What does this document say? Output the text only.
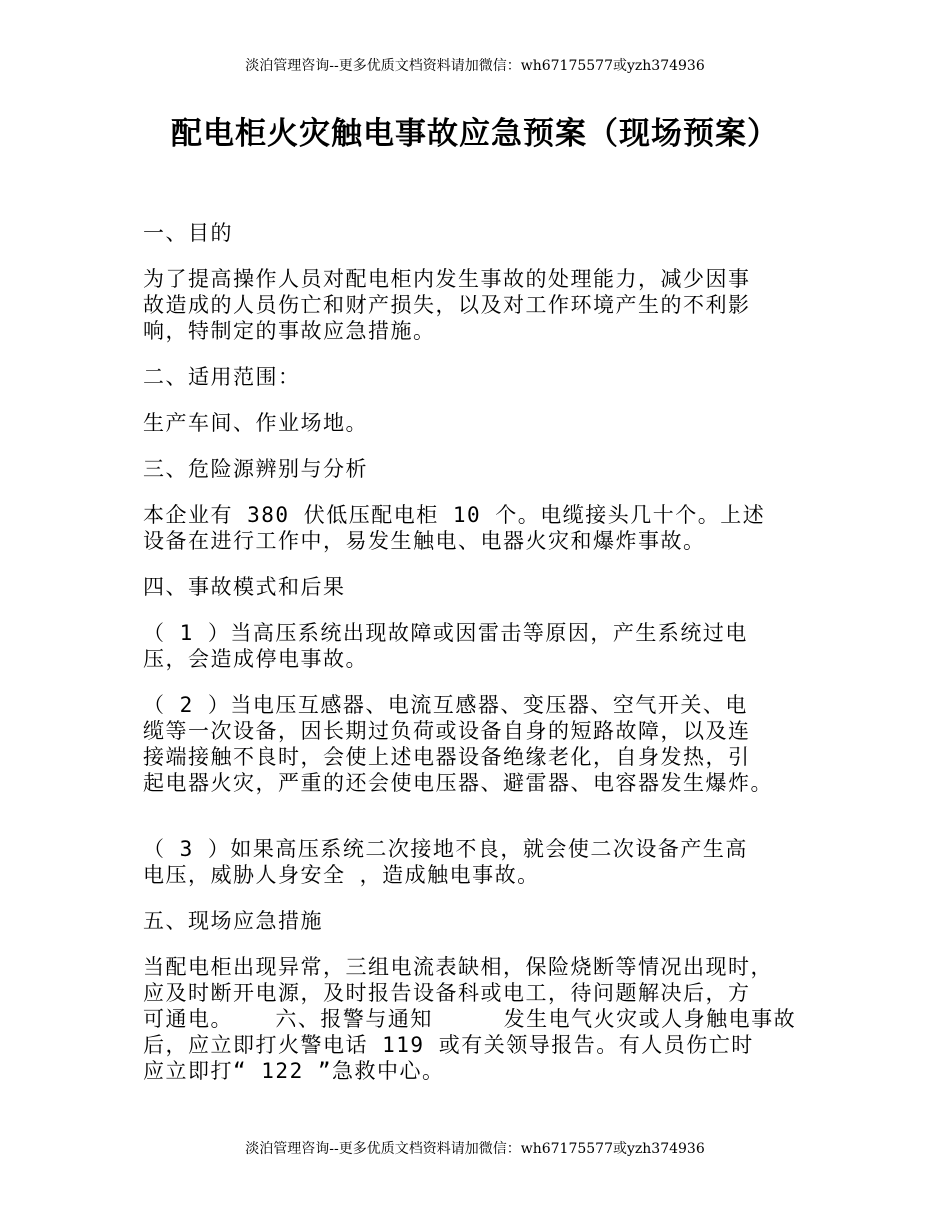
淡泊管理咨询--更多优质文档资料请加微信：wh67175577或yzh374936
配电柜火灾触电事故应急预案（现场预案）
一、目的
为了提高操作人员对配电柜内发生事故的处理能力，减少因事
故造成的人员伤亡和财产损失，以及对工作环境产生的不利影
响，特制定的事故应急措施。
二、适用范围：
生产车间、作业场地。
三、危险源辨别与分析
本企业有 380 伏低压配电柜 10 个。电缆接头几十个。上述
设备在进行工作中，易发生触电、电器火灾和爆炸事故。
四、事故模式和后果
（ 1 ）当高压系统出现故障或因雷击等原因，产生系统过电
压，会造成停电事故。
（ 2 ）当电压互感器、电流互感器、变压器、空气开关、电
缆等一次设备，因长期过负荷或设备自身的短路故障，以及连
接端接触不良时，会使上述电器设备绝缘老化，自身发热，引
起电器火灾，严重的还会使电压器、避雷器、电容器发生爆炸。
（ 3 ）如果高压系统二次接地不良，就会使二次设备产生高
电压，威胁人身安全 ，造成触电事故。
五、现场应急措施
当配电柜出现异常，三组电流表缺相，保险烧断等情况出现时，
应及时断开电源，及时报告设备科或电工，待问题解决后，方
可通电。   六、报警与通知     发生电气火灾或人身触电事故
后，应立即打火警电话 119 或有关领导报告。有人员伤亡时
应立即打“ 122 ”急救中心。
淡泊管理咨询--更多优质文档资料请加微信：wh67175577或yzh374936
